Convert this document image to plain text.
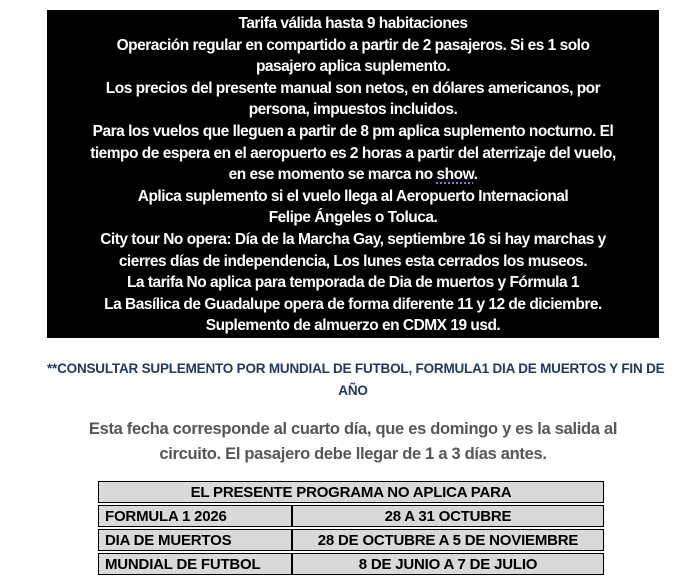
Tarifa válida hasta 9 habitaciones
Operación regular en compartido a partir de 2 pasajeros. Si es 1 solo
pasajero aplica suplemento.
Los precios del presente manual son netos, en dólares americanos, por
persona, impuestos incluidos.
Para los vuelos que lleguen a partir de 8 pm aplica suplemento nocturno. El
tiempo de espera en el aeropuerto es 2 horas a partir del aterrizaje del vuelo,
en ese momento se marca no show.
Aplica suplemento si el vuelo llega al Aeropuerto Internacional
Felipe Ángeles o Toluca.
City tour No opera: Día de la Marcha Gay, septiembre 16 si hay marchas y
cierres días de independencia, Los lunes esta cerrados los museos.
La tarifa No aplica para temporada de Dia de muertos y Fórmula 1
La Basílica de Guadalupe opera de forma diferente 11 y 12 de diciembre.
Suplemento de almuerzo en CDMX 19 usd.
**CONSULTAR SUPLEMENTO POR MUNDIAL DE FUTBOL, FORMULA1 DIA DE MUERTOS Y FIN DE
AÑO
Esta fecha corresponde al cuarto día, que es domingo y es la salida al
circuito. El pasajero debe llegar de 1 a 3 días antes.
EL PRESENTE PROGRAMA NO APLICA PARA
FORMULA 1 2026	28 A 31 OCTUBRE
DIA DE MUERTOS	28 DE OCTUBRE A 5 DE NOVIEMBRE
MUNDIAL DE FUTBOL	8 DE JUNIO A 7 DE JULIO
